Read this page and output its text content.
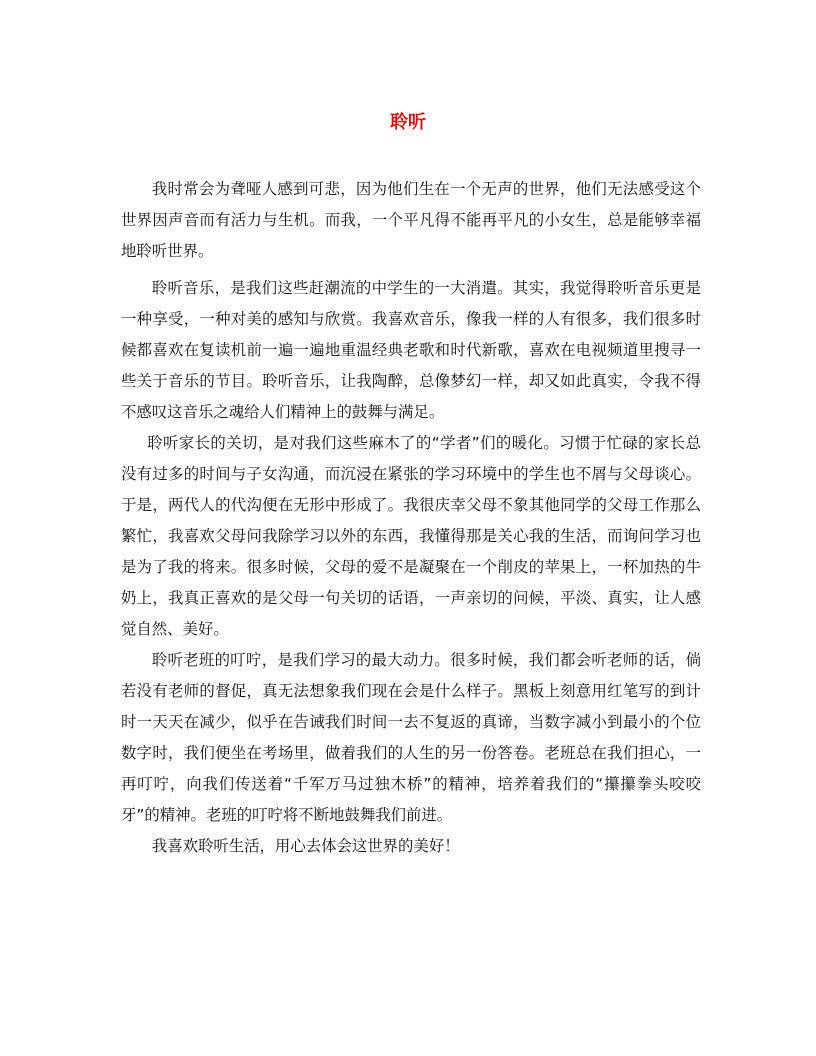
聆听

我时常会为聋哑人感到可悲，因为他们生在一个无声的世界，他们无法感受这个世界因声音而有活力与生机。而我，一个平凡得不能再平凡的小女生，总是能够幸福地聆听世界。

聆听音乐，是我们这些赶潮流的中学生的一大消遣。其实，我觉得聆听音乐更是一种享受，一种对美的感知与欣赏。我喜欢音乐，像我一样的人有很多，我们很多时候都喜欢在复读机前一遍一遍地重温经典老歌和时代新歌，喜欢在电视频道里搜寻一些关于音乐的节目。聆听音乐，让我陶醉，总像梦幻一样，却又如此真实，令我不得不感叹这音乐之魂给人们精神上的鼓舞与满足。

聆听家长的关切，是对我们这些麻木了的“学者”们的暖化。习惯于忙碌的家长总没有过多的时间与子女沟通，而沉浸在紧张的学习环境中的学生也不屑与父母谈心。于是，两代人的代沟便在无形中形成了。我很庆幸父母不象其他同学的父母工作那么繁忙，我喜欢父母问我除学习以外的东西，我懂得那是关心我的生活，而询问学习也是为了我的将来。很多时候，父母的爱不是凝聚在一个削皮的苹果上，一杯加热的牛奶上，我真正喜欢的是父母一句关切的话语，一声亲切的问候，平淡、真实，让人感觉自然、美好。

聆听老班的叮咛，是我们学习的最大动力。很多时候，我们都会听老师的话，倘若没有老师的督促，真无法想象我们现在会是什么样子。黑板上刻意用红笔写的到计时一天天在减少，似乎在告诫我们时间一去不复返的真谛，当数字减小到最小的个位数字时，我们便坐在考场里，做着我们的人生的另一份答卷。老班总在我们担心，一再叮咛，向我们传送着“千军万马过独木桥”的精神，培养着我们的“攥攥拳头咬咬牙”的精神。老班的叮咛将不断地鼓舞我们前进。

我喜欢聆听生活，用心去体会这世界的美好！
